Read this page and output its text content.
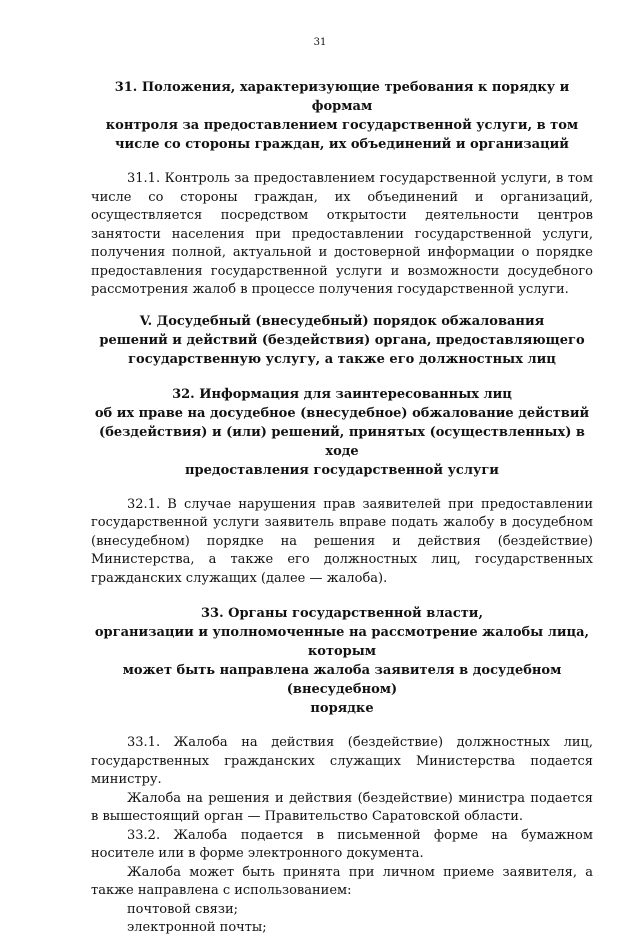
31

31. Положения, характеризующие требования к порядку и формам

контроля за предоставлением государственной услуги, в том

числе со стороны граждан, их объединений и организаций

31.1. Контроль за предоставлением государственной услуги, в том числе со стороны граждан, их объединений и организаций, осуществляется посредством открытости деятельности центров занятости населения при предоставлении государственной услуги, получения полной, актуальной и достоверной информации о порядке предоставления государственной услуги и возможности досудебного рассмотрения жалоб в процессе получения государственной услуги.

V. Досудебный (внесудебный) порядок обжалования

решений и действий (бездействия) органа, предоставляющего

государственную услугу, а также его должностных лиц

32. Информация для заинтересованных лиц

об их праве на досудебное (внесудебное) обжалование действий

(бездействия) и (или) решений, принятых (осуществленных) в ходе

предоставления государственной услуги

32.1. В случае нарушения прав заявителей при предоставлении государственной услуги заявитель вправе подать жалобу в досудебном (внесудебном) порядке на решения и действия (бездействие) Министерства, а также его должностных лиц, государственных гражданских служащих (далее — жалоба).

33. Органы государственной власти,

организации и уполномоченные на рассмотрение жалобы лица, которым

может быть направлена жалоба заявителя в досудебном (внесудебном)

порядке

33.1. Жалоба на действия (бездействие) должностных лиц, государственных гражданских служащих Министерства подается министру.

Жалоба на решения и действия (бездействие) министра подается в вышестоящий орган — Правительство Саратовской области.

33.2. Жалоба подается в письменной форме на бумажном носителе или в форме электронного документа.

Жалоба может быть принята при личном приеме заявителя, а также направлена с использованием:

почтовой связи;

электронной почты;
